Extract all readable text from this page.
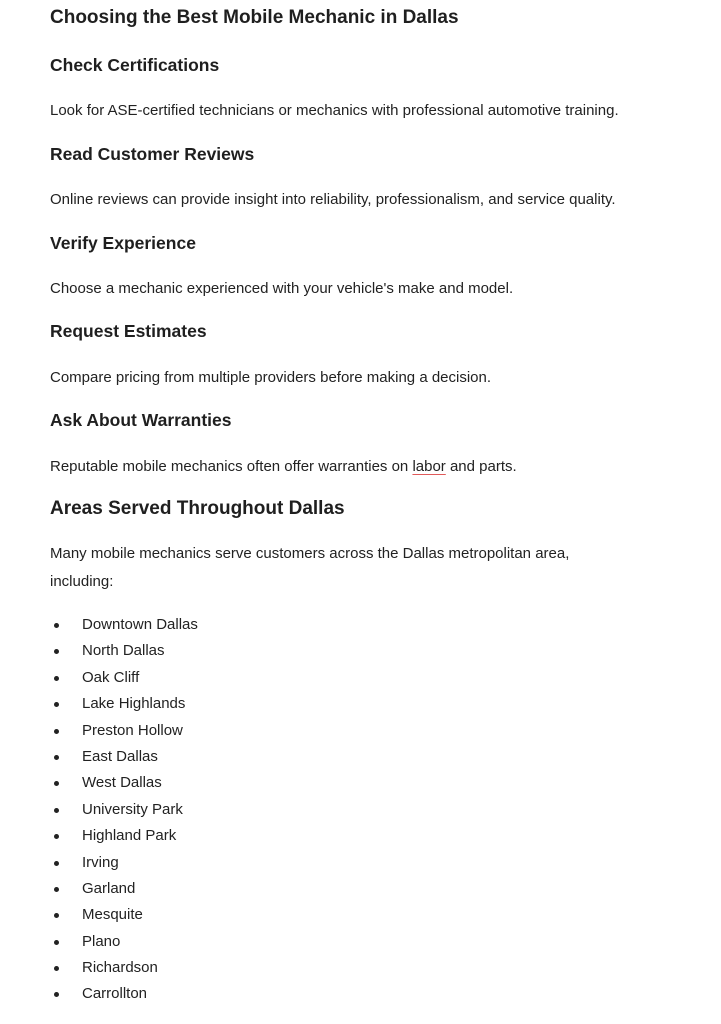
Choosing the Best Mobile Mechanic in Dallas
Check Certifications

Look for ASE-certified technicians or mechanics with professional automotive training.

Read Customer Reviews

Online reviews can provide insight into reliability, professionalism, and service quality.

Verify Experience

Choose a mechanic experienced with your vehicle's make and model.

Request Estimates

Compare pricing from multiple providers before making a decision.

Ask About Warranties

Reputable mobile mechanics often offer warranties on labor and parts.

Areas Served Throughout Dallas

Many mobile mechanics serve customers across the Dallas metropolitan area,

including:

Downtown Dallas
North Dallas
Oak Cliff
Lake Highlands
Preston Hollow
East Dallas
West Dallas
University Park
Highland Park
Irving
Garland
Mesquite
Plano
Richardson
Carrollton
